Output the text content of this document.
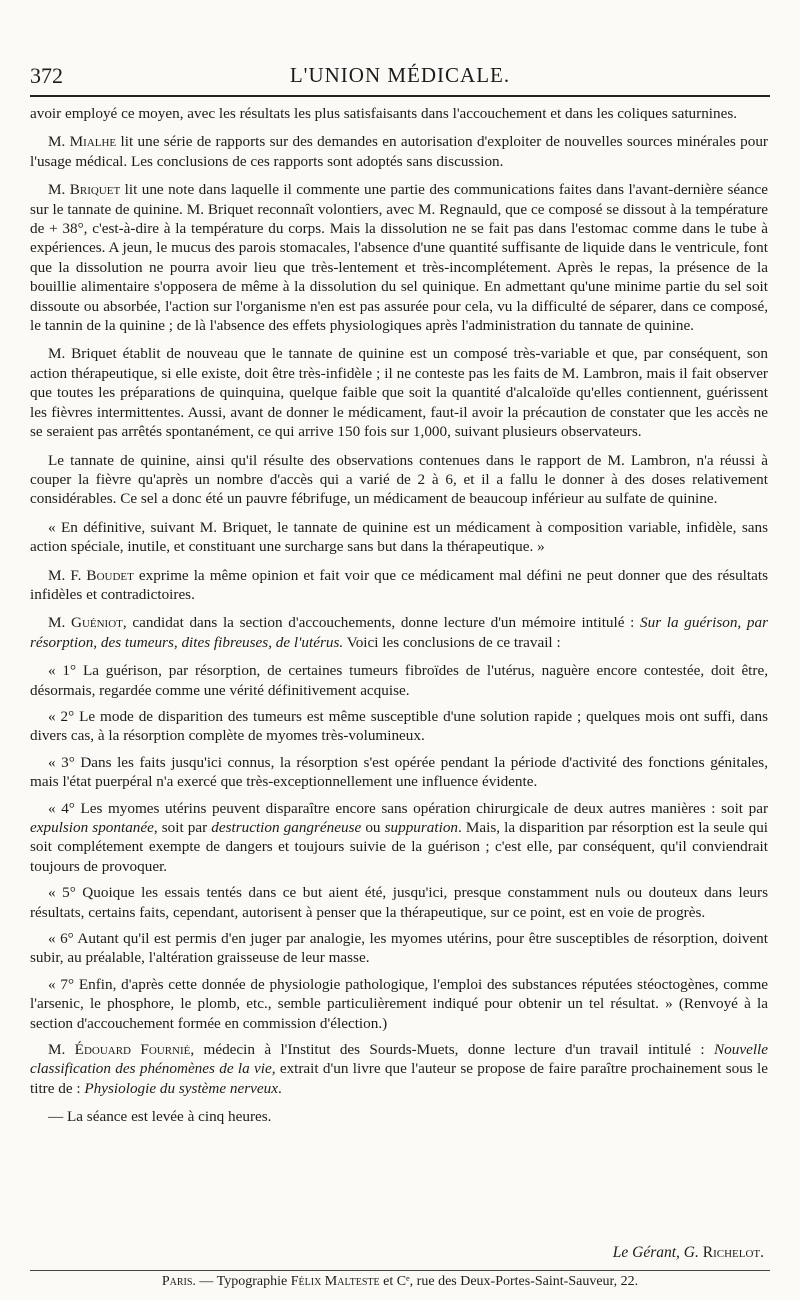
372	L'UNION MÉDICALE.

avoir employé ce moyen, avec les résultats les plus satisfaisants dans l'accouchement et dans les coliques saturnines.

M. Mialhe lit une série de rapports sur des demandes en autorisation d'exploiter de nouvelles sources minérales pour l'usage médical. Les conclusions de ces rapports sont adoptés sans discussion.

M. Briquet lit une note dans laquelle il commente une partie des communications faites dans l'avant-dernière séance sur le tannate de quinine. M. Briquet reconnaît volontiers, avec M. Regnauld, que ce composé se dissout à la température de + 38°, c'est-à-dire à la température du corps. Mais la dissolution ne se fait pas dans l'estomac comme dans le tube à expériences. A jeun, le mucus des parois stomacales, l'absence d'une quantité suffisante de liquide dans le ventricule, font que la dissolution ne pourra avoir lieu que très-lentement et très-incomplétement. Après le repas, la présence de la bouillie alimentaire s'opposera de même à la dissolution du sel quinique. En admettant qu'une minime partie du sel soit dissoute ou absorbée, l'action sur l'organisme n'en est pas assurée pour cela, vu la difficulté de séparer, dans ce composé, le tannin de la quinine ; de là l'absence des effets physiologiques après l'administration du tannate de quinine.

M. Briquet établit de nouveau que le tannate de quinine est un composé très-variable et que, par conséquent, son action thérapeutique, si elle existe, doit être très-infidèle ; il ne conteste pas les faits de M. Lambron, mais il fait observer que toutes les préparations de quinquina, quelque faible que soit la quantité d'alcaloïde qu'elles contiennent, guérissent les fièvres intermittentes. Aussi, avant de donner le médicament, faut-il avoir la précaution de constater que les accès ne se seraient pas arrêtés spontanément, ce qui arrive 150 fois sur 1,000, suivant plusieurs observateurs.

Le tannate de quinine, ainsi qu'il résulte des observations contenues dans le rapport de M. Lambron, n'a réussi à couper la fièvre qu'après un nombre d'accès qui a varié de 2 à 6, et il a fallu le donner à des doses relativement considérables. Ce sel a donc été un pauvre fébrifuge, un médicament de beaucoup inférieur au sulfate de quinine.

« En définitive, suivant M. Briquet, le tannate de quinine est un médicament à composition variable, infidèle, sans action spéciale, inutile, et constituant une surcharge sans but dans la thérapeutique. »

M. F. Boudet exprime la même opinion et fait voir que ce médicament mal défini ne peut donner que des résultats infidèles et contradictoires.

M. Guéniot, candidat dans la section d'accouchements, donne lecture d'un mémoire intitulé : Sur la guérison, par résorption, des tumeurs, dites fibreuses, de l'utérus. Voici les conclusions de ce travail :

« 1° La guérison, par résorption, de certaines tumeurs fibroïdes de l'utérus, naguère encore contestée, doit être, désormais, regardée comme une vérité définitivement acquise.

« 2° Le mode de disparition des tumeurs est même susceptible d'une solution rapide ; quelques mois ont suffi, dans divers cas, à la résorption complète de myomes très-volumineux.

« 3° Dans les faits jusqu'ici connus, la résorption s'est opérée pendant la période d'activité des fonctions génitales, mais l'état puerpéral n'a exercé que très-exceptionnellement une influence évidente.

« 4° Les myomes utérins peuvent disparaître encore sans opération chirurgicale de deux autres manières : soit par expulsion spontanée, soit par destruction gangréneuse ou suppuration. Mais, la disparition par résorption est la seule qui soit complétement exempte de dangers et toujours suivie de la guérison ; c'est elle, par conséquent, qu'il conviendrait toujours de provoquer.

« 5° Quoique les essais tentés dans ce but aient été, jusqu'ici, presque constamment nuls ou douteux dans leurs résultats, certains faits, cependant, autorisent à penser que la thérapeutique, sur ce point, est en voie de progrès.

« 6° Autant qu'il est permis d'en juger par analogie, les myomes utérins, pour être susceptibles de résorption, doivent subir, au préalable, l'altération graisseuse de leur masse.

« 7° Enfin, d'après cette donnée de physiologie pathologique, l'emploi des substances réputées stéoctogènes, comme l'arsenic, le phosphore, le plomb, etc., semble particulièrement indiqué pour obtenir un tel résultat. » (Renvoyé à la section d'accouchement formée en commission d'élection.)

M. Édouard Fournié, médecin à l'Institut des Sourds-Muets, donne lecture d'un travail intitulé : Nouvelle classification des phénomènes de la vie, extrait d'un livre que l'auteur se propose de faire paraître prochainement sous le titre de : Physiologie du système nerveux.

— La séance est levée à cinq heures.

Le Gérant, G. Richelot.
Paris. — Typographie Félix Malteste et Cᵉ, rue des Deux-Portes-Saint-Sauveur, 22.
